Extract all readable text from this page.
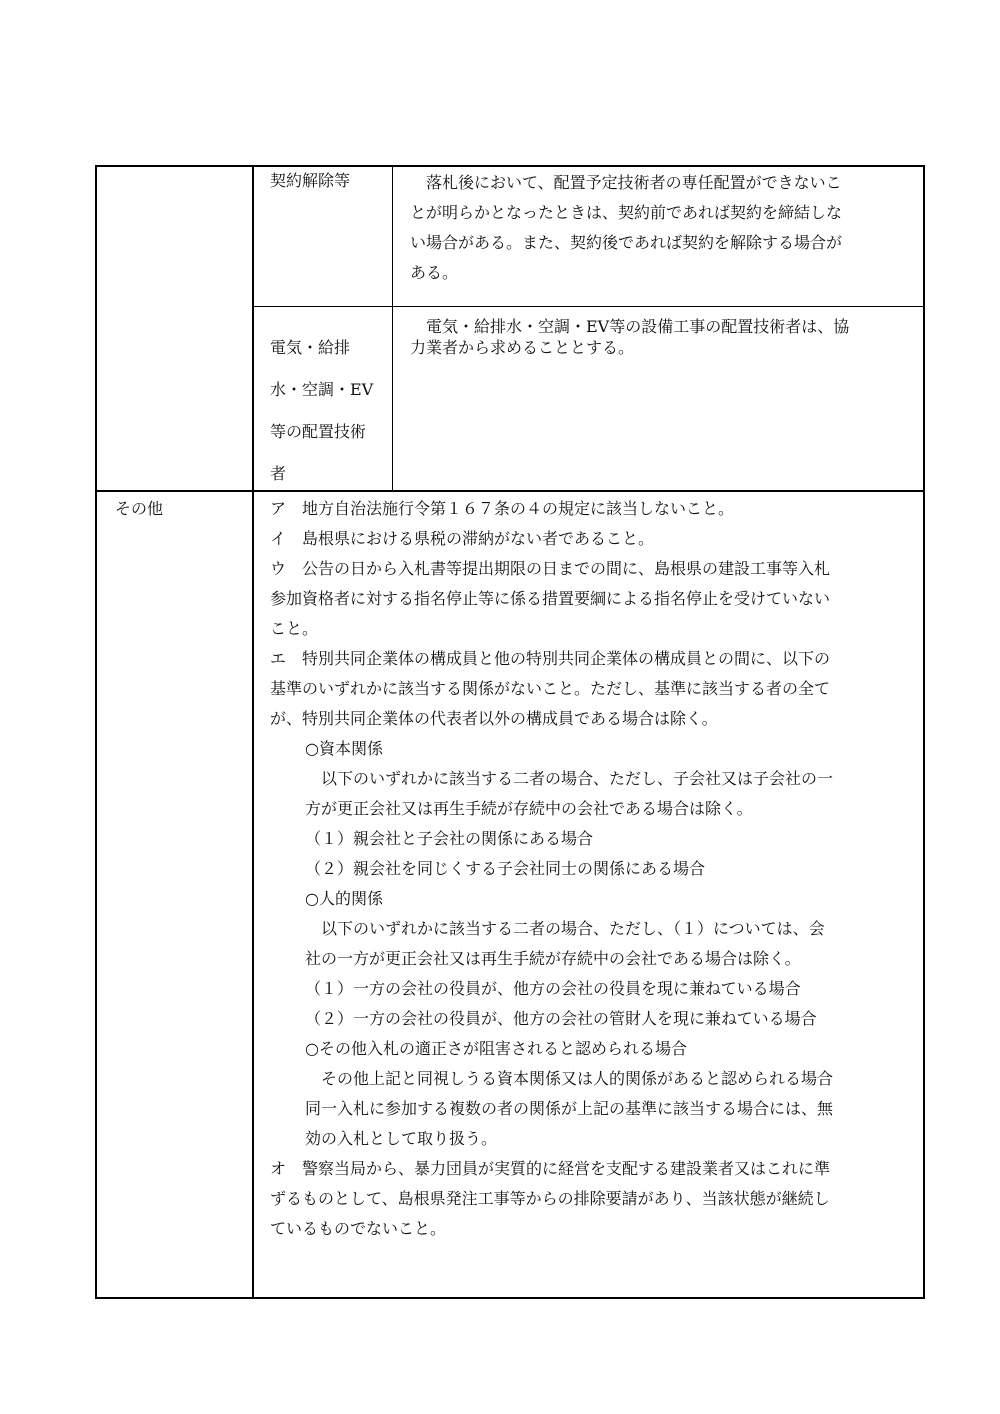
契約解除等	　落札後において、配置予定技術者の専任配置ができないこ
とが明らかとなったときは、契約前であれば契約を締結しな
い場合がある。また、契約後であれば契約を解除する場合が
ある。

電気・給排

水・空調・EV

等の配置技術

者

　電気・給排水・空調・EV等の設備工事の配置技術者は、協
力業者から求めることとする。
その他	ア　地方自治法施行令第１６７条の４の規定に該当しないこと。
イ　島根県における県税の滞納がない者であること。
ウ　公告の日から入札書等提出期限の日までの間に、島根県の建設工事等入札
参加資格者に対する指名停止等に係る措置要綱による指名停止を受けていない
こと。
エ　特別共同企業体の構成員と他の特別共同企業体の構成員との間に、以下の
基準のいずれかに該当する関係がないこと。ただし、基準に該当する者の全て
が、特別共同企業体の代表者以外の構成員である場合は除く。
○資本関係
　以下のいずれかに該当する二者の場合、ただし、子会社又は子会社の一
方が更正会社又は再生手続が存続中の会社である場合は除く。
（１）親会社と子会社の関係にある場合
（２）親会社を同じくする子会社同士の関係にある場合
○人的関係
　以下のいずれかに該当する二者の場合、ただし、（１）については、会
社の一方が更正会社又は再生手続が存続中の会社である場合は除く。
（１）一方の会社の役員が、他方の会社の役員を現に兼ねている場合
（２）一方の会社の役員が、他方の会社の管財人を現に兼ねている場合
○その他入札の適正さが阻害されると認められる場合
　その他上記と同視しうる資本関係又は人的関係があると認められる場合
同一入札に参加する複数の者の関係が上記の基準に該当する場合には、無
効の入札として取り扱う。
オ　警察当局から、暴力団員が実質的に経営を支配する建設業者又はこれに準
ずるものとして、島根県発注工事等からの排除要請があり、当該状態が継続し
ているものでないこと。
